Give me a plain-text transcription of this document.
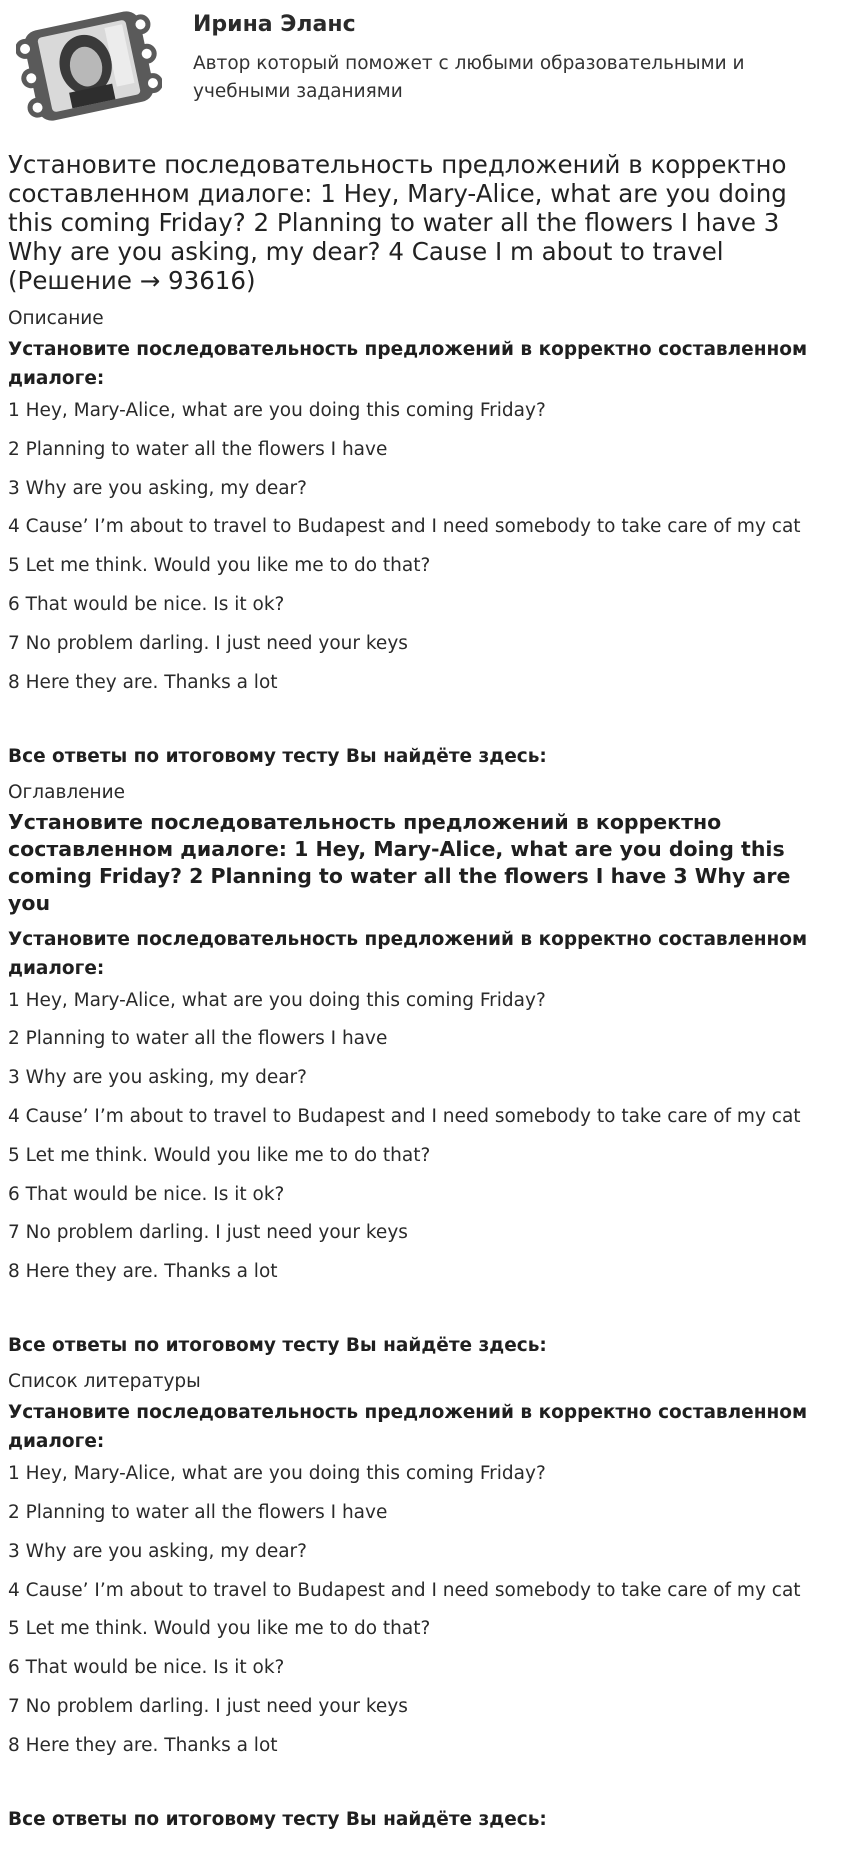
Ирина Эланс
Автор который поможет с любыми образовательными и учебными заданиями
Установите последовательность предложений в корректно составленном диалоге: 1 Hey, Mary-Alice, what are you doing this coming Friday? 2 Planning to water all the flowers I have 3 Why are you asking, my dear? 4 Cause I m about to travel (Решение → 93616)
Описание
Установите последовательность предложений в корректно составленном диалоге:
1 Hey, Mary-Alice, what are you doing this coming Friday?
2 Planning to water all the flowers I have
3 Why are you asking, my dear?
4 Cause’ I’m about to travel to Budapest and I need somebody to take care of my cat
5 Let me think. Would you like me to do that?
6 That would be nice. Is it ok?
7 No problem darling. I just need your keys
8 Here they are. Thanks a lot
Все ответы по итоговому тесту Вы найдёте здесь:
Оглавление
Установите последовательность предложений в корректно составленном диалоге: 1 Hey, Mary-Alice, what are you doing this coming Friday? 2 Planning to water all the flowers I have 3 Why are you
Установите последовательность предложений в корректно составленном диалоге:
1 Hey, Mary-Alice, what are you doing this coming Friday?
2 Planning to water all the flowers I have
3 Why are you asking, my dear?
4 Cause’ I’m about to travel to Budapest and I need somebody to take care of my cat
5 Let me think. Would you like me to do that?
6 That would be nice. Is it ok?
7 No problem darling. I just need your keys
8 Here they are. Thanks a lot
Все ответы по итоговому тесту Вы найдёте здесь:
Список литературы
Установите последовательность предложений в корректно составленном диалоге:
1 Hey, Mary-Alice, what are you doing this coming Friday?
2 Planning to water all the flowers I have
3 Why are you asking, my dear?
4 Cause’ I’m about to travel to Budapest and I need somebody to take care of my cat
5 Let me think. Would you like me to do that?
6 That would be nice. Is it ok?
7 No problem darling. I just need your keys
8 Here they are. Thanks a lot
Все ответы по итоговому тесту Вы найдёте здесь:
